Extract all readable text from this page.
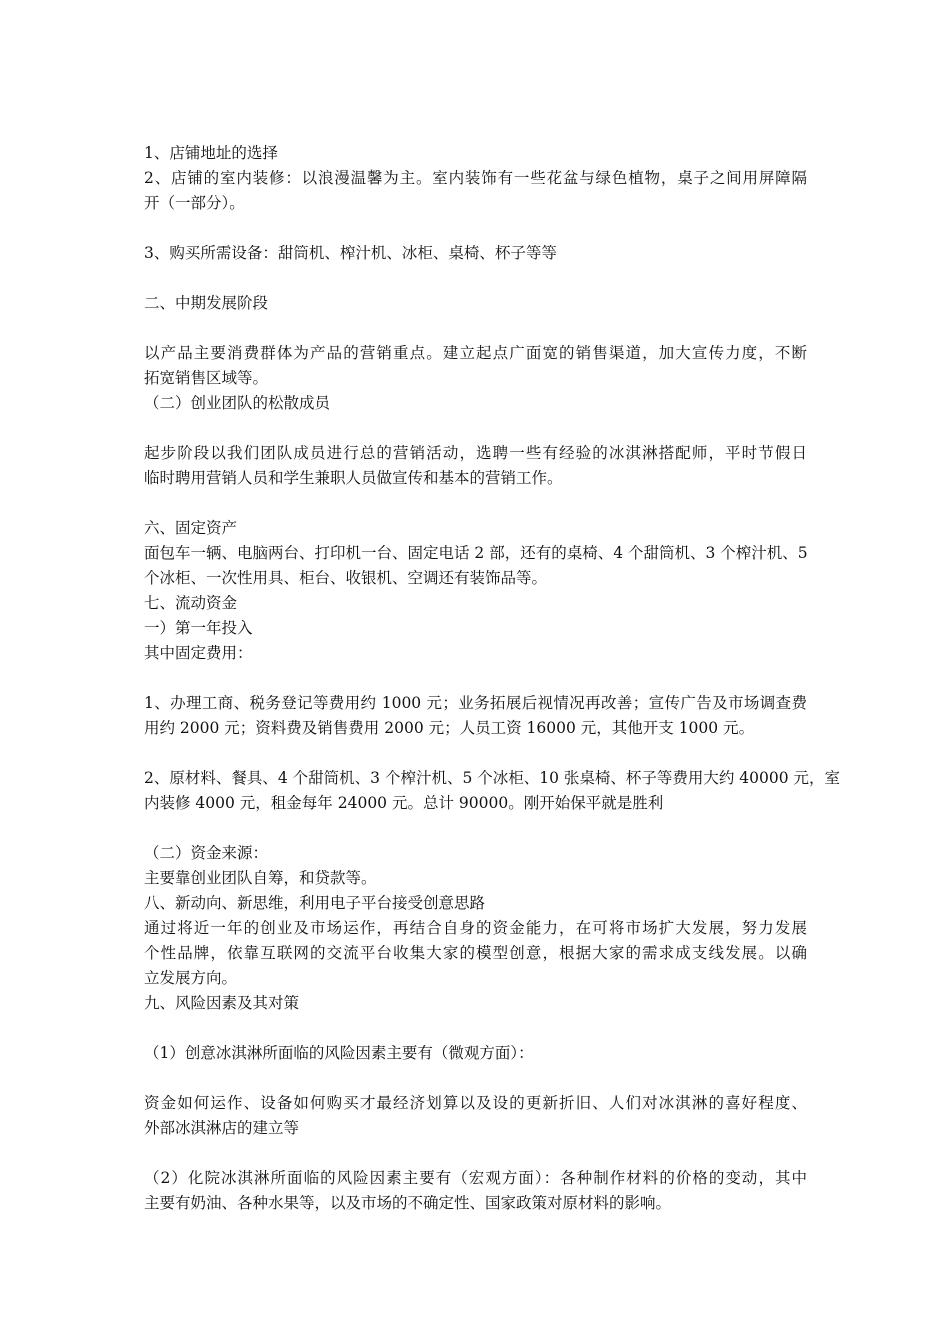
1、店铺地址的选择
2、店铺的室内装修：以浪漫温馨为主。室内装饰有一些花盆与绿色植物，桌子之间用屏障隔
开（一部分）。
3、购买所需设备：甜筒机、榨汁机、冰柜、桌椅、杯子等等
二、中期发展阶段
以产品主要消费群体为产品的营销重点。建立起点广面宽的销售渠道，加大宣传力度，不断
拓宽销售区域等。
（二）创业团队的松散成员
起步阶段以我们团队成员进行总的营销活动，选聘一些有经验的冰淇淋搭配师，平时节假日
临时聘用营销人员和学生兼职人员做宣传和基本的营销工作。
六、固定资产
面包车一辆、电脑两台、打印机一台、固定电话 2 部，还有的桌椅、4 个甜筒机、3 个榨汁机、5
个冰柜、一次性用具、柜台、收银机、空调还有装饰品等。
七、流动资金
一）第一年投入
其中固定费用：
1、办理工商、税务登记等费用约 1000 元；业务拓展后视情况再改善；宣传广告及市场调查费
用约 2000 元；资料费及销售费用 2000 元；人员工资 16000 元，其他开支 1000 元。
2、原材料、餐具、4 个甜筒机、3 个榨汁机、5 个冰柜、10 张桌椅、杯子等费用大约 40000 元，室
内装修 4000 元，租金每年 24000 元。总计 90000。刚开始保平就是胜利
（二）资金来源：
主要靠创业团队自筹，和贷款等。
八、新动向、新思维，利用电子平台接受创意思路
通过将近一年的创业及市场运作，再结合自身的资金能力，在可将市场扩大发展，努力发展
个性品牌，依靠互联网的交流平台收集大家的模型创意，根据大家的需求成支线发展。以确
立发展方向。
九、风险因素及其对策
（1）创意冰淇淋所面临的风险因素主要有（微观方面）：
资金如何运作、设备如何购买才最经济划算以及设的更新折旧、人们对冰淇淋的喜好程度、
外部冰淇淋店的建立等
（2）化院冰淇淋所面临的风险因素主要有（宏观方面）：各种制作材料的价格的变动，其中
主要有奶油、各种水果等，以及市场的不确定性、国家政策对原材料的影响。
